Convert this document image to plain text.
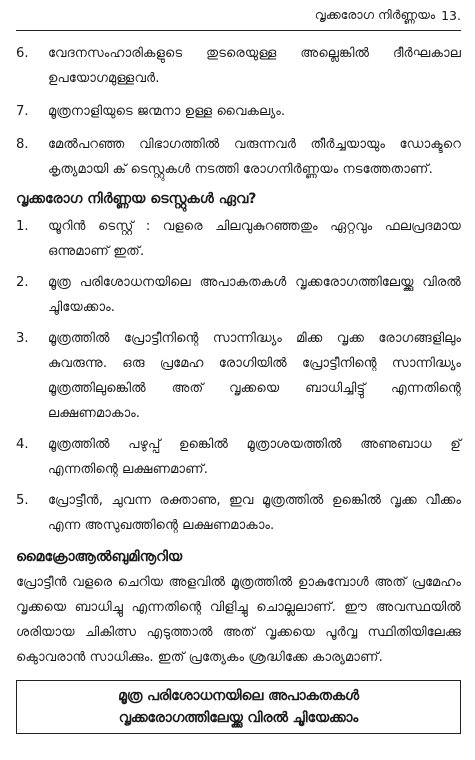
വൃക്കരോഗ നിർണ്ണയം 13.
6.	വേദനസംഹാരികളുടെ തുടരെയുള്ള അല്ലെങ്കിൽ ദീർഘകാല ഉപയോഗമുള്ളവർ.
7.	മൂത്രനാളിയുടെ ജന്മനാ ഉള്ള വൈകല്യം.
8.	മേൽപറഞ്ഞ വിഭാഗത്തിൽ വരുന്നവർ തീർച്ചയായും ഡോക്ടറെ കൃത്യമായി ക് ടെസ്റ്റുകൾ നടത്തി രോഗനിർണ്ണയം നടത്തേതാണ്.
വൃക്കരോഗ നിർണ്ണയ ടെസ്റ്റുകൾ ഏവ?
1.	യൂറിൻ ടെസ്റ്റ് : വളരെ ചിലവുകുറഞ്ഞതും ഏറ്റവും ഫലപ്രദമായ ഒന്നുമാണ് ഇത്.
2.	മൂത്ര പരിശോധനയിലെ അപാകതകൾ വൃക്കരോഗത്തിലേയ്ക്കു വിരൽ ചൂിയേക്കാം.
3.	മൂത്രത്തിൽ പ്രോട്ടീനിന്റെ സാന്നിദ്ധ്യം മിക്ക വൃക്ക രോഗങ്ങളിലും കുവരുന്നു. ഒരു പ്രമേഹ രോഗിയിൽ പ്രോട്ടീനിന്റെ സാന്നിദ്ധ്യം മൂത്രത്തിലുങ്കെിൽ അത് വൃക്കയെ ബാധിച്ചിട്ടു് എന്നതിന്റെ ലക്ഷണമാകാം.
4.	മൂത്രത്തിൽ പഴുപ്പ് ഉങ്കെിൽ മൂത്രാശയത്തിൽ അണുബാധ ഉ് എന്നതിന്റെ ലക്ഷണമാണ്.
5.	പ്രോട്ടീൻ, ചുവന്ന രക്താണു, ഇവ മൂത്രത്തിൽ ഉങ്കെിൽ വൃക്ക വീക്കം എന്ന അസുഖത്തിന്റെ ലക്ഷണമാകാം.
മൈക്രോആൽബുമിനൂറിയ

പ്രോട്ടീൻ വളരെ ചെറിയ അളവിൽ മൂത്രത്തിൽ ഉാകുമ്പോൾ അത് പ്രമേഹം വൃക്കയെ ബാധിച്ചു എന്നതിന്റെ വിളിച്ചു ചൊല്ലലാണ്. ഈ അവസ്ഥയിൽ ശരിയായ ചികിത്സ എടുത്താൽ അത് വൃക്കയെ പൂർവ്വ സ്ഥിതിയിലേക്കു കൊുവരാൻ സാധിക്കും. ഇത് പ്രത്യേകം ശ്രദ്ധിക്കേ കാര്യമാണ്.

മൂത്ര പരിശോധനയിലെ അപാകതകൾ
വൃക്കരോഗത്തിലേയ്ക്കു വിരൽ ചൂിയേക്കാം
